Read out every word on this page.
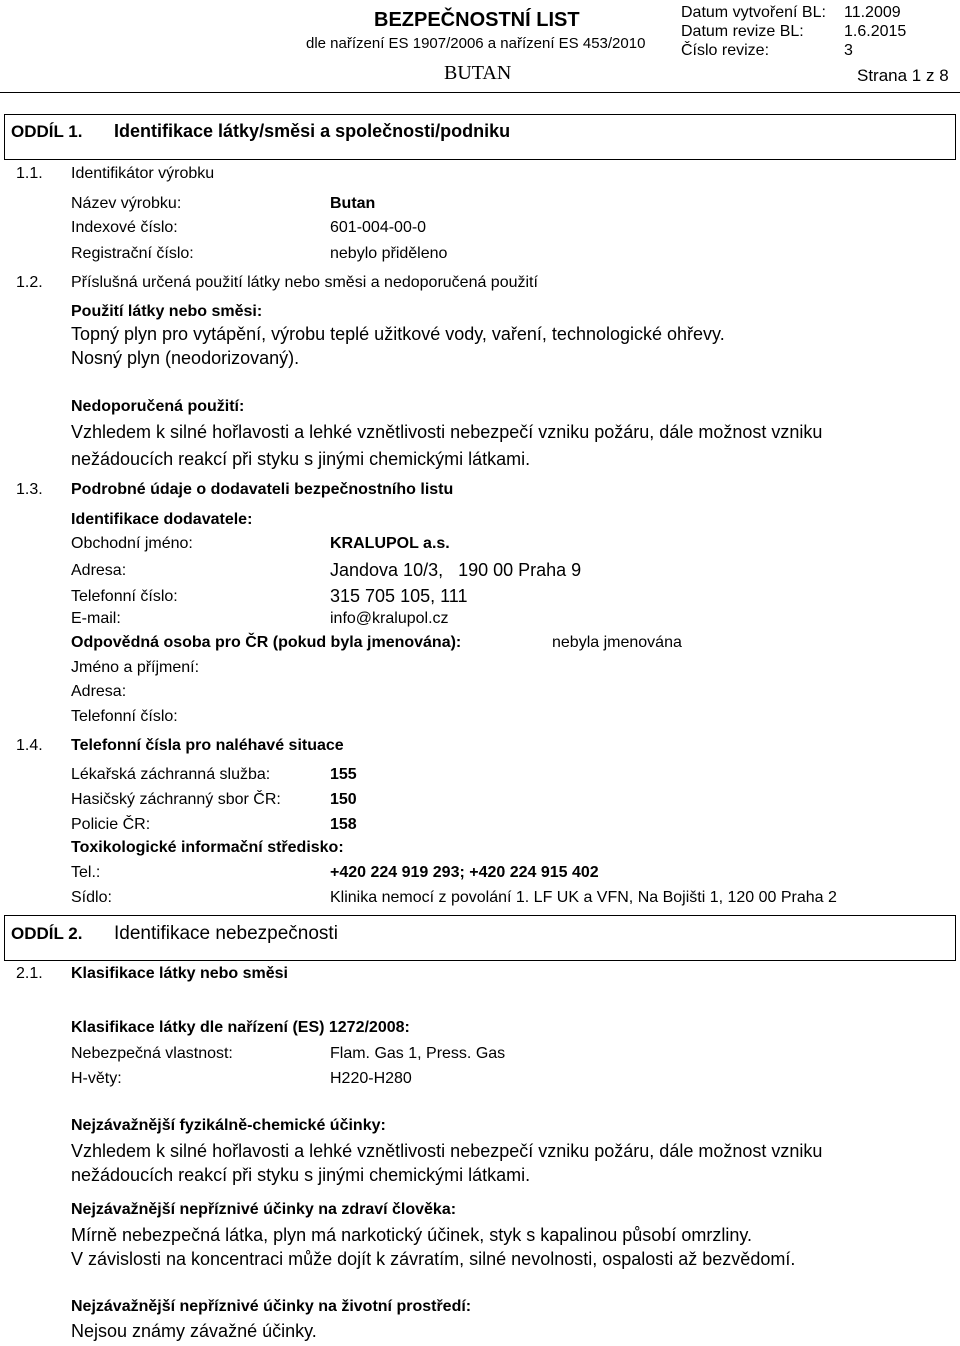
BEZPEČNOSTNÍ LIST
dle nařízení ES 1907/2006 a nařízení ES 453/2010
BUTAN
Datum vytvoření BL: 11.2009
Datum revize BL:	1.6.2015
Číslo revize:	3
Strana 1 z 8
ODDÍL 1. Identifikace látky/směsi a společnosti/podniku
1.1. Identifikátor výrobku
Název výrobku:	Butan
Indexové číslo:	601-004-00-0
Registrační číslo:	nebylo přiděleno
1.2. Příslušná určená použití látky nebo směsi a nedoporučená použití
Použití látky nebo směsi:
Topný plyn pro vytápění, výrobu teplé užitkové vody, vaření, technologické ohřevy.
Nosný plyn (neodorizovaný).
Nedoporučená použití:
Vzhledem k silné hořlavosti a lehké vznětlivosti nebezpečí vzniku požáru, dále možnost vzniku
nežádoucích reakcí při styku s jinými chemickými látkami.
1.3. Podrobné údaje o dodavateli bezpečnostního listu
Identifikace dodavatele:
Obchodní jméno:	KRALUPOL a.s.
Adresa:	Jandova 10/3,   190 00 Praha 9
Telefonní číslo:	315 705 105, 111
E-mail:	info@kralupol.cz
Odpovědná osoba pro ČR (pokud byla jmenována):	nebyla jmenována
Jméno a příjmení:
Adresa:
Telefonní číslo:
1.4. Telefonní čísla pro naléhavé situace
Lékařská záchranná služba:	155
Hasičský záchranný sbor ČR:	150
Policie ČR:	158
Toxikologické informační středisko:
Tel.:	+420 224 919 293; +420 224 915 402
Sídlo:	Klinika nemocí z povolání 1. LF UK a VFN, Na Bojišti 1, 120 00 Praha 2
ODDÍL 2. Identifikace nebezpečnosti
2.1. Klasifikace látky nebo směsi
Klasifikace látky dle nařízení (ES) 1272/2008:
Nebezpečná vlastnost:	Flam. Gas 1, Press. Gas
H-věty:	H220-H280
Nejzávažnější fyzikálně-chemické účinky:
Vzhledem k silné hořlavosti a lehké vznětlivosti nebezpečí vzniku požáru, dále možnost vzniku
nežádoucích reakcí při styku s jinými chemickými látkami.
Nejzávažnější nepříznivé účinky na zdraví člověka:
Mírně nebezpečná látka, plyn má narkotický účinek, styk s kapalinou působí omrzliny.
V závislosti na koncentraci může dojít k závratím, silné nevolnosti, ospalosti až bezvědomí.
Nejzávažnější nepříznivé účinky na životní prostředí:
Nejsou známy závažné účinky.
